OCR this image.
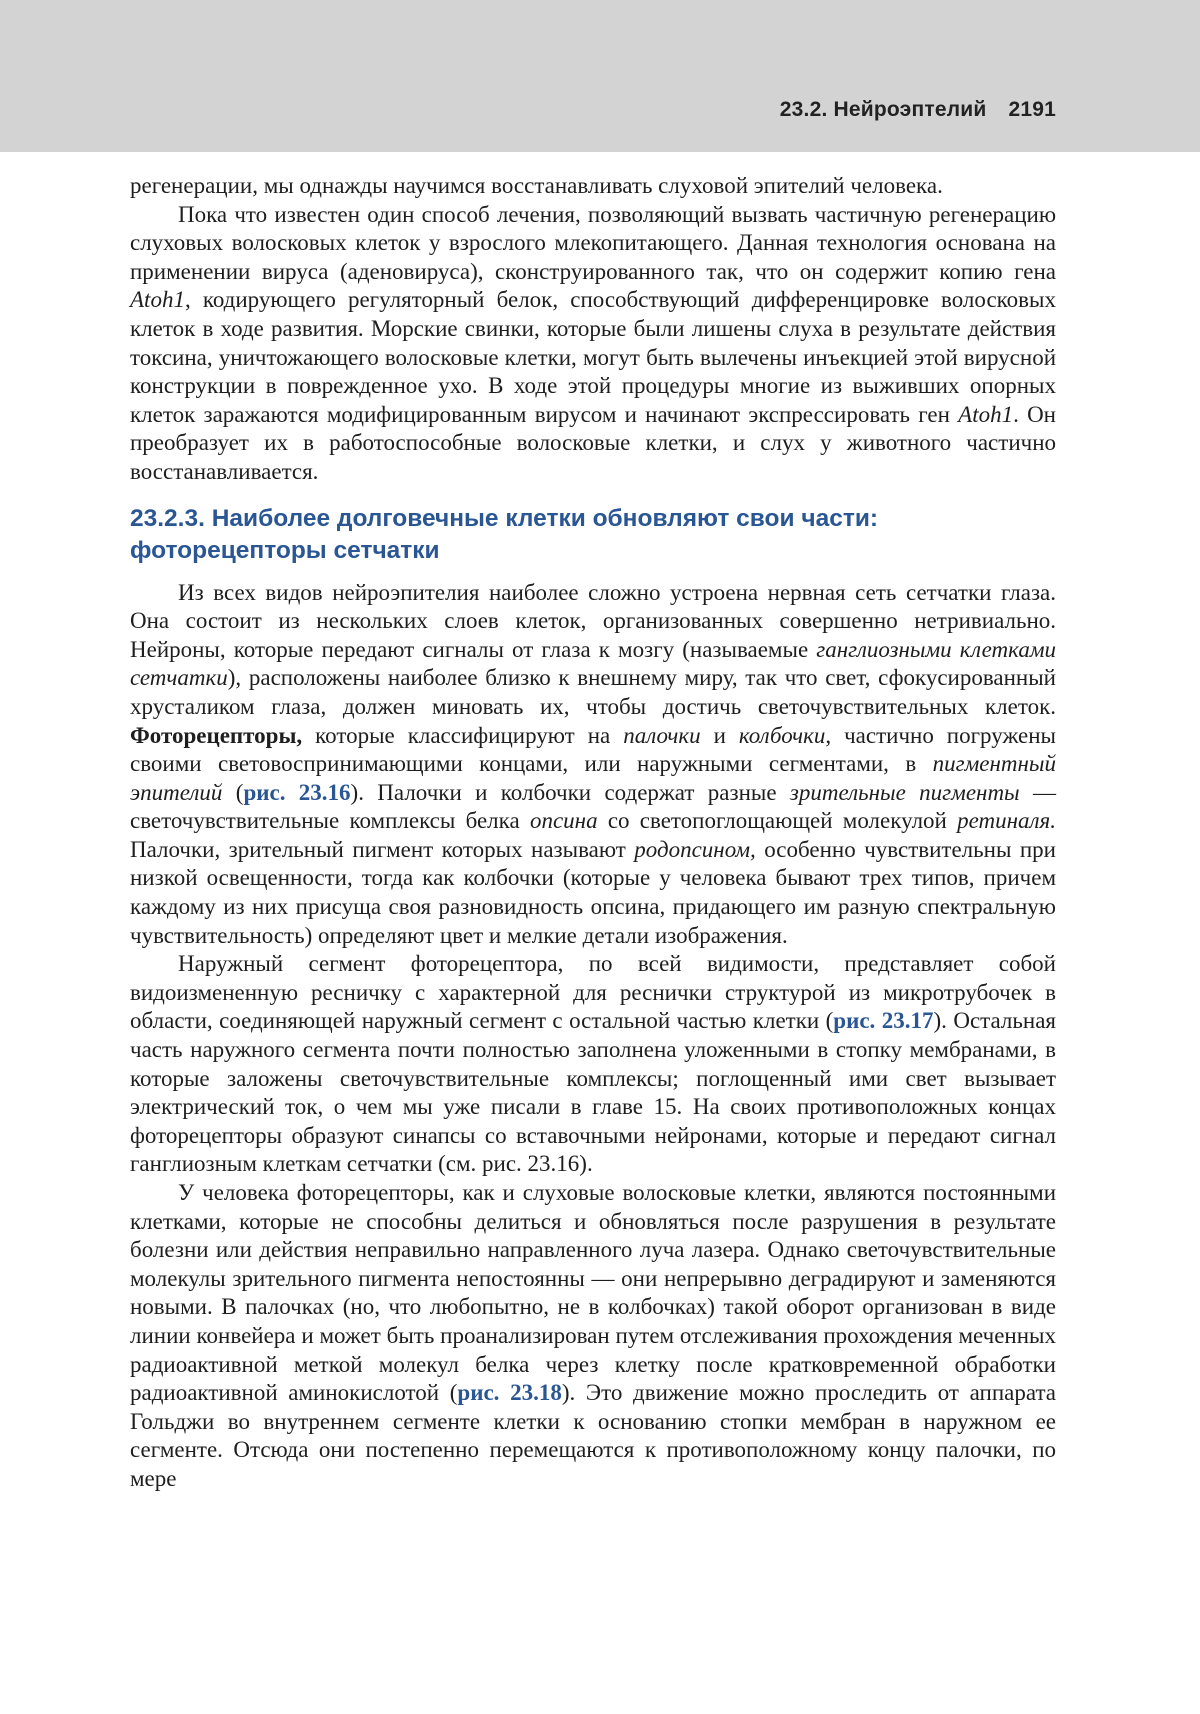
23.2. Нейроэптелий 2191

регенерации, мы однажды научимся восстанавливать слуховой эпителий человека.

Пока что известен один способ лечения, позволяющий вызвать частичную регенерацию слуховых волосковых клеток у взрослого млекопитающего. Данная технология основана на применении вируса (аденовируса), сконструированного так, что он содержит копию гена Atoh1, кодирующего регуляторный белок, способствующий дифференцировке волосковых клеток в ходе развития. Морские свинки, которые были лишены слуха в результате действия токсина, уничтожающего волосковые клетки, могут быть вылечены инъекцией этой вирусной конструкции в поврежденное ухо. В ходе этой процедуры многие из выживших опорных клеток заражаются модифицированным вирусом и начинают экспрессировать ген Atoh1. Он преобразует их в работоспособные волосковые клетки, и слух у животного частично восстанавливается.

23.2.3. Наиболее долговечные клетки обновляют свои части: фоторецепторы сетчатки

Из всех видов нейроэпителия наиболее сложно устроена нервная сеть сетчатки глаза. Она состоит из нескольких слоев клеток, организованных совершенно нетривиально. Нейроны, которые передают сигналы от глаза к мозгу (называемые ганглиозными клетками сетчатки), расположены наиболее близко к внешнему миру, так что свет, сфокусированный хрусталиком глаза, должен миновать их, чтобы достичь светочувствительных клеток. Фоторецепторы, которые классифицируют на палочки и колбочки, частично погружены своими световоспринимающими концами, или наружными сегментами, в пигментный эпителий (рис. 23.16). Палочки и колбочки содержат разные зрительные пигменты — светочувствительные комплексы белка опсина со светопоглощающей молекулой ретиналя. Палочки, зрительный пигмент которых называют родопсином, особенно чувствительны при низкой освещенности, тогда как колбочки (которые у человека бывают трех типов, причем каждому из них присуща своя разновидность опсина, придающего им разную спектральную чувствительность) определяют цвет и мелкие детали изображения.

Наружный сегмент фоторецептора, по всей видимости, представляет собой видоизмененную ресничку с характерной для реснички структурой из микротрубочек в области, соединяющей наружный сегмент с остальной частью клетки (рис. 23.17). Остальная часть наружного сегмента почти полностью заполнена уложенными в стопку мембранами, в которые заложены светочувствительные комплексы; поглощенный ими свет вызывает электрический ток, о чем мы уже писали в главе 15. На своих противоположных концах фоторецепторы образуют синапсы со вставочными нейронами, которые и передают сигнал ганглиозным клеткам сетчатки (см. рис. 23.16).

У человека фоторецепторы, как и слуховые волосковые клетки, являются постоянными клетками, которые не способны делиться и обновляться после разрушения в результате болезни или действия неправильно направленного луча лазера. Однако светочувствительные молекулы зрительного пигмента непостоянны — они непрерывно деградируют и заменяются новыми. В палочках (но, что любопытно, не в колбочках) такой оборот организован в виде линии конвейера и может быть проанализирован путем отслеживания прохождения меченных радиоактивной меткой молекул белка через клетку после кратковременной обработки радиоактивной аминокислотой (рис. 23.18). Это движение можно проследить от аппарата Гольджи во внутреннем сегменте клетки к основанию стопки мембран в наружном ее сегменте. Отсюда они постепенно перемещаются к противоположному концу палочки, по мере
